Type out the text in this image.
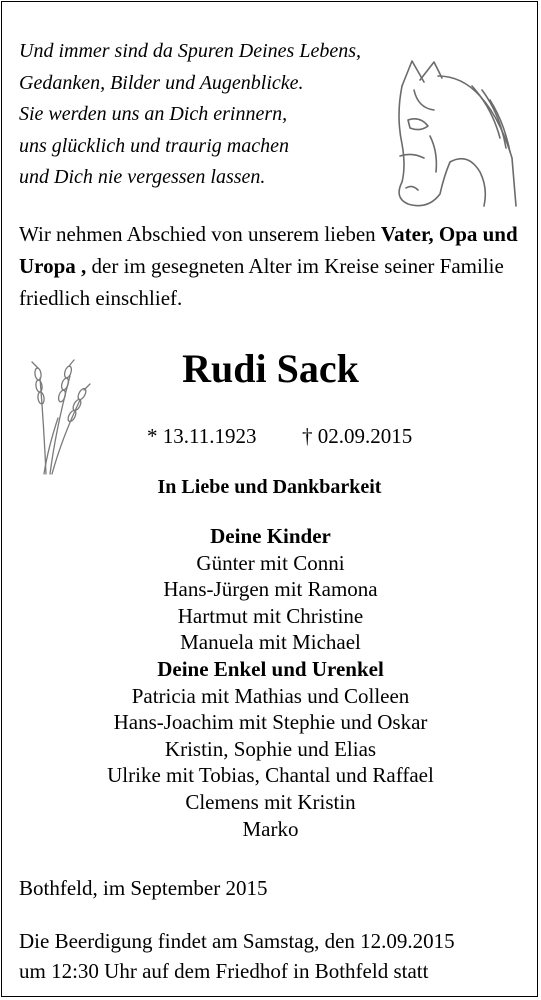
Und immer sind da Spuren Deines Lebens,
Gedanken, Bilder und Augenblicke.
Sie werden uns an Dich erinnern,
uns glücklich und traurig machen
und Dich nie vergessen lassen.
Wir nehmen Abschied von unserem lieben Vater, Opa und Uropa , der im gesegneten Alter im Kreise seiner Familie friedlich einschlief.
Rudi Sack
* 13.11.1923 † 02.09.2015
In Liebe und Dankbarkeit
Deine Kinder
Günter mit Conni
Hans-Jürgen mit Ramona
Hartmut mit Christine
Manuela mit Michael
Deine Enkel und Urenkel
Patricia mit Mathias und Colleen
Hans-Joachim mit Stephie und Oskar
Kristin, Sophie und Elias
Ulrike mit Tobias, Chantal und Raffael
Clemens mit Kristin
Marko
Bothfeld, im September 2015
Die Beerdigung findet am Samstag, den 12.09.2015
um 12:30 Uhr auf dem Friedhof in Bothfeld statt
